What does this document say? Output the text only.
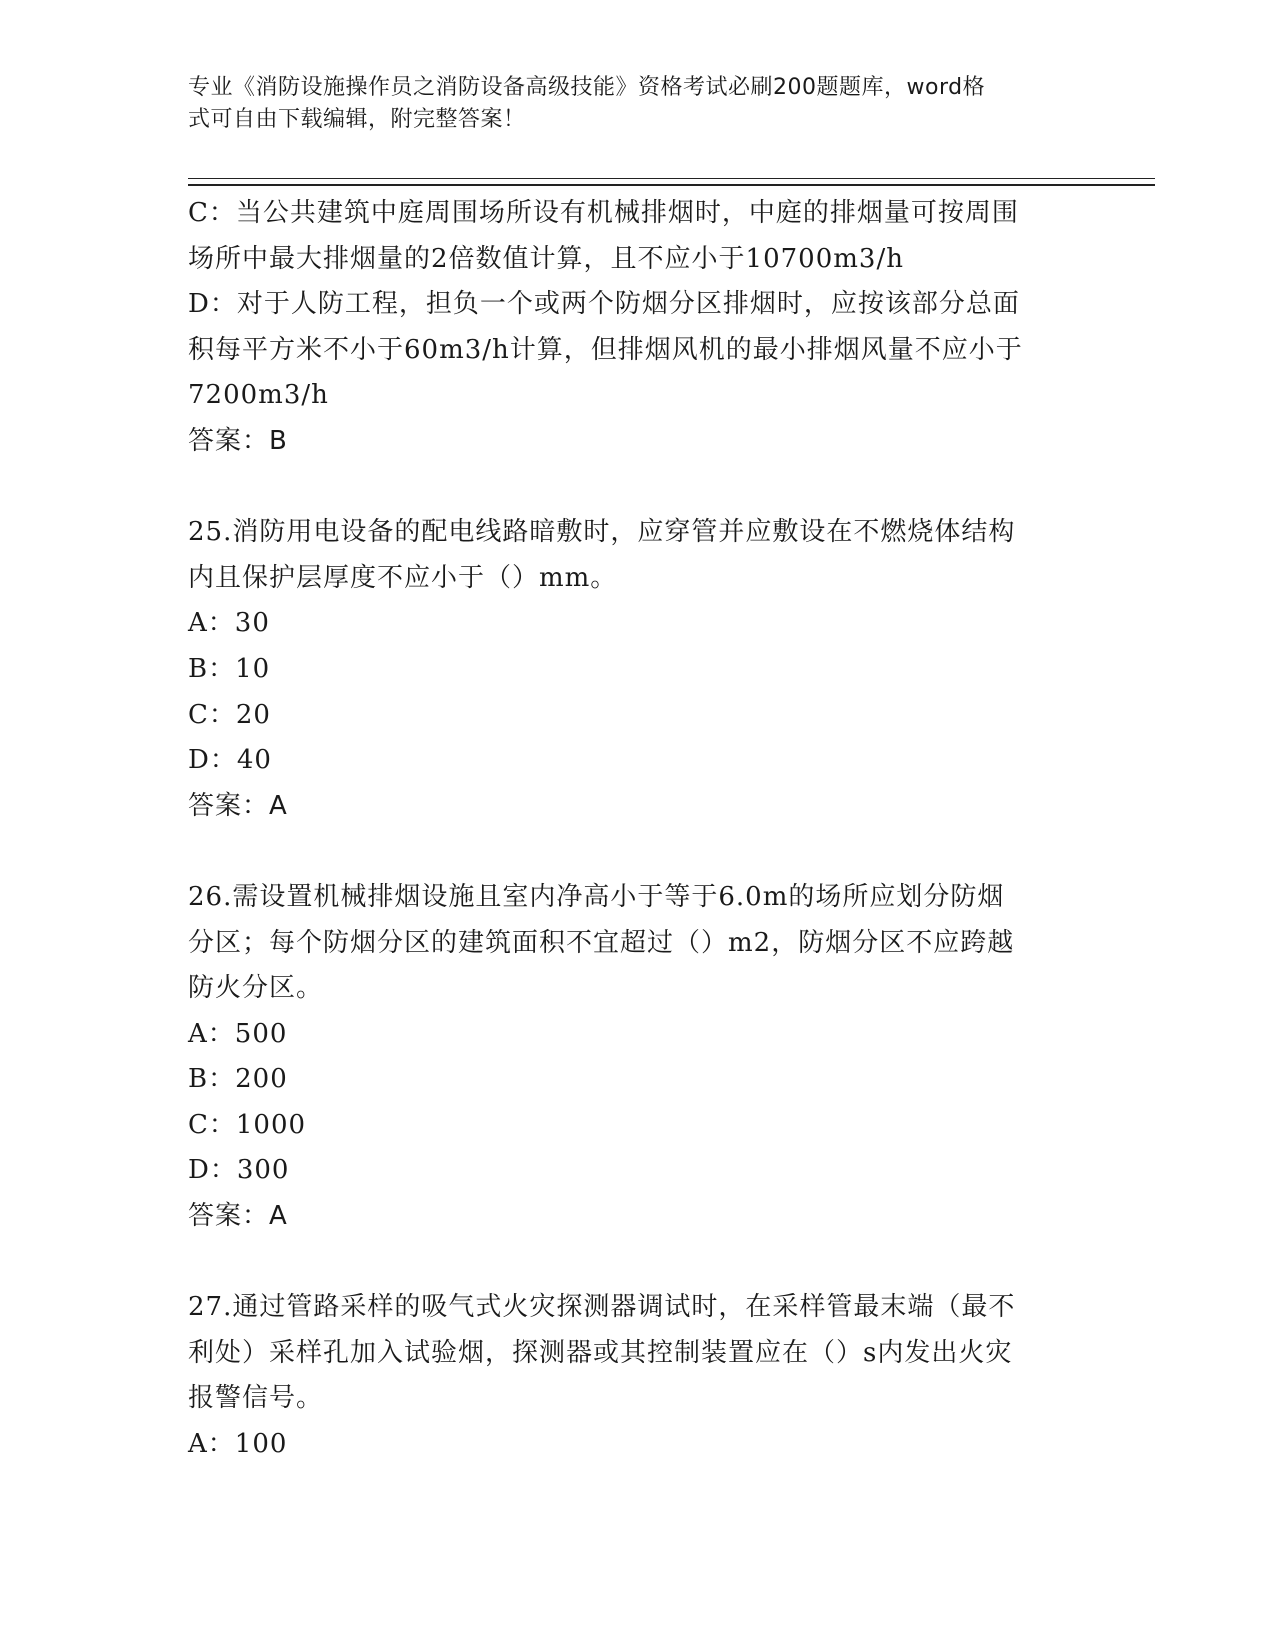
专业《消防设施操作员之消防设备高级技能》资格考试必刷200题题库，word格
式可自由下载编辑，附完整答案！
C：当公共建筑中庭周围场所设有机械排烟时，中庭的排烟量可按周围
场所中最大排烟量的2倍数值计算，且不应小于10700m3/h
D：对于人防工程，担负一个或两个防烟分区排烟时，应按该部分总面
积每平方米不小于60m3/h计算，但排烟风机的最小排烟风量不应小于
7200m3/h
答案：B
25.消防用电设备的配电线路暗敷时，应穿管并应敷设在不燃烧体结构
内且保护层厚度不应小于（）mm。
A：30
B：10
C：20
D：40
答案：A
26.需设置机械排烟设施且室内净高小于等于6.0m的场所应划分防烟
分区；每个防烟分区的建筑面积不宜超过（）m2，防烟分区不应跨越
防火分区。
A：500
B：200
C：1000
D：300
答案：A
27.通过管路采样的吸气式火灾探测器调试时，在采样管最末端（最不
利处）采样孔加入试验烟，探测器或其控制装置应在（）s内发出火灾
报警信号。
A：100
